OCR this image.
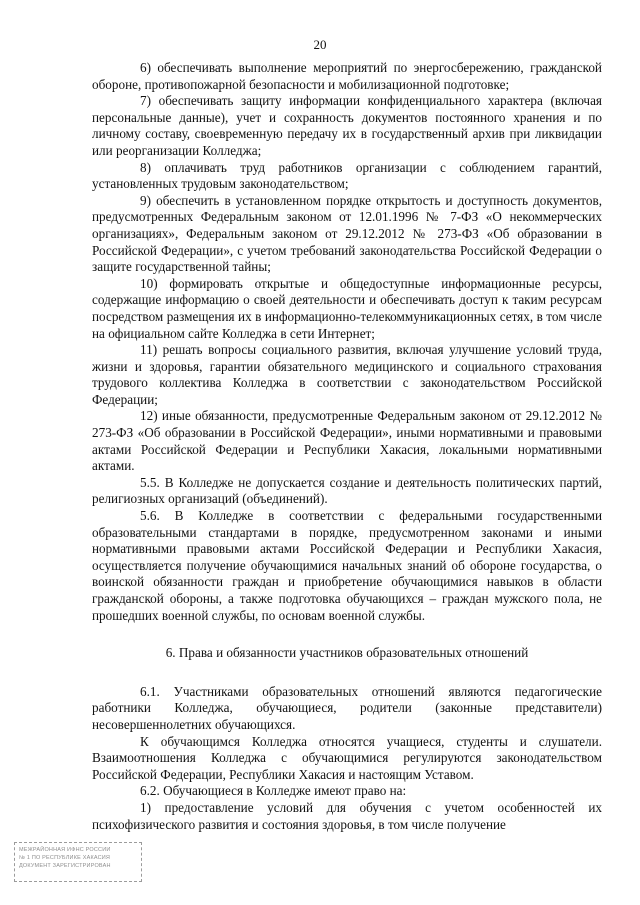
20

6) обеспечивать выполнение мероприятий по энергосбережению, гражданской обороне, противопожарной безопасности и мобилизационной подготовке;

7) обеспечивать защиту информации конфиденциального характера (включая персональные данные), учет и сохранность документов постоянного хранения и по личному составу, своевременную передачу их в государственный архив при ликвидации или реорганизации Колледжа;

8) оплачивать труд работников организации с соблюдением гарантий, установленных трудовым законодательством;

9) обеспечить в установленном порядке открытость и доступность документов, предусмотренных Федеральным законом от 12.01.1996 № 7-ФЗ «О некоммерческих организациях», Федеральным законом от 29.12.2012 № 273-ФЗ «Об образовании в Российской Федерации», с учетом требований законодательства Российской Федерации о защите государственной тайны;

10) формировать открытые и общедоступные информационные ресурсы, содержащие информацию о своей деятельности и обеспечивать доступ к таким ресурсам посредством размещения их в информационно-телекоммуникационных сетях, в том числе на официальном сайте Колледжа в сети Интернет;

11) решать вопросы социального развития, включая улучшение условий труда, жизни и здоровья, гарантии обязательного медицинского и социального страхования трудового коллектива Колледжа в соответствии с законодательством Российской Федерации;

12) иные обязанности, предусмотренные Федеральным законом от 29.12.2012 № 273-ФЗ «Об образовании в Российской Федерации», иными нормативными и правовыми актами Российской Федерации и Республики Хакасия, локальными нормативными актами.

5.5. В Колледже не допускается создание и деятельность политических партий, религиозных организаций (объединений).

5.6. В Колледже в соответствии с федеральными государственными образовательными стандартами в порядке, предусмотренном законами и иными нормативными правовыми актами Российской Федерации и Республики Хакасия, осуществляется получение обучающимися начальных знаний об обороне государства, о воинской обязанности граждан и приобретение обучающимися навыков в области гражданской обороны, а также подготовка обучающихся – граждан мужского пола, не прошедших военной службы, по основам военной службы.

6. Права и обязанности участников образовательных отношений

6.1. Участниками образовательных отношений являются педагогические работники Колледжа, обучающиеся, родители (законные представители) несовершеннолетних обучающихся.

К обучающимся Колледжа относятся учащиеся, студенты и слушатели. Взаимоотношения Колледжа с обучающимися регулируются законодательством Российской Федерации, Республики Хакасия и настоящим Уставом.

6.2. Обучающиеся в Колледже имеют право на:

1) предоставление условий для обучения с учетом особенностей их психофизического развития и состояния здоровья, в том числе получение

МЕЖРАЙОННАЯ ИФНС РОССИИ
№ 1 ПО РЕСПУБЛИКЕ ХАКАСИЯ
ДОКУМЕНТ ЗАРЕГИСТРИРОВАН
